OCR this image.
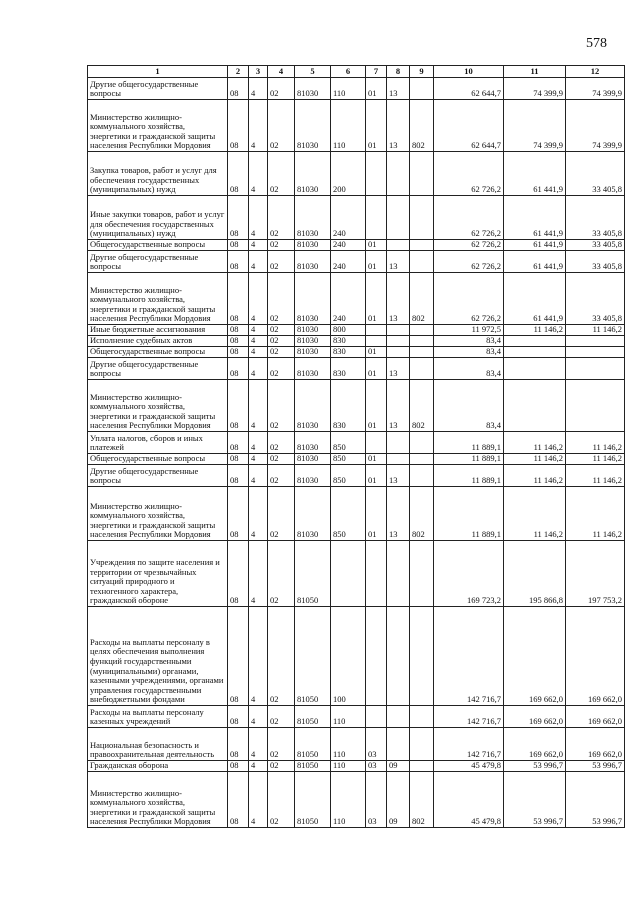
578
1	2	3	4	5	6	7	8	9	10	11	12
Другие общегосударственные вопросы	08	4	02	81030	110	01	13		62 644,7	74 399,9	74 399,9
Министерство жилищно-коммунального хозяйства, энергетики и гражданской защиты населения Республики Мордовия	08	4	02	81030	110	01	13	802	62 644,7	74 399,9	74 399,9
Закупка товаров, работ и услуг для обеспечения государственных (муниципальных) нужд	08	4	02	81030	200				62 726,2	61 441,9	33 405,8
Иные закупки товаров, работ и услуг для обеспечения государственных (муниципальных) нужд	08	4	02	81030	240				62 726,2	61 441,9	33 405,8
Общегосударственные вопросы	08	4	02	81030	240	01			62 726,2	61 441,9	33 405,8
Другие общегосударственные вопросы	08	4	02	81030	240	01	13		62 726,2	61 441,9	33 405,8
Министерство жилищно-коммунального хозяйства, энергетики и гражданской защиты населения Республики Мордовия	08	4	02	81030	240	01	13	802	62 726,2	61 441,9	33 405,8
Иные бюджетные ассигнования	08	4	02	81030	800				11 972,5	11 146,2	11 146,2
Исполнение судебных актов	08	4	02	81030	830				83,4		
Общегосударственные вопросы	08	4	02	81030	830	01			83,4		
Другие общегосударственные вопросы	08	4	02	81030	830	01	13		83,4		
Министерство жилищно-коммунального хозяйства, энергетики и гражданской защиты населения Республики Мордовия	08	4	02	81030	830	01	13	802	83,4		
Уплата налогов, сборов и иных платежей	08	4	02	81030	850				11 889,1	11 146,2	11 146,2
Общегосударственные вопросы	08	4	02	81030	850	01			11 889,1	11 146,2	11 146,2
Другие общегосударственные вопросы	08	4	02	81030	850	01	13		11 889,1	11 146,2	11 146,2
Министерство жилищно-коммунального хозяйства, энергетики и гражданской защиты населения Республики Мордовия	08	4	02	81030	850	01	13	802	11 889,1	11 146,2	11 146,2
Учреждения по защите населения и территории от чрезвычайных ситуаций природного и техногенного характера, гражданской обороне	08	4	02	81050					169 723,2	195 866,8	197 753,2
Расходы на выплаты персоналу в целях обеспечения выполнения функций государственными (муниципальными) органами, казенными учреждениями, органами управления государственными внебюджетными фондами	08	4	02	81050	100				142 716,7	169 662,0	169 662,0
Расходы на выплаты персоналу казенных учреждений	08	4	02	81050	110				142 716,7	169 662,0	169 662,0
Национальная безопасность и правоохранительная деятельность	08	4	02	81050	110	03			142 716,7	169 662,0	169 662,0
Гражданская оборона	08	4	02	81050	110	03	09		45 479,8	53 996,7	53 996,7
Министерство жилищно-коммунального хозяйства, энергетики и гражданской защиты населения Республики Мордовия	08	4	02	81050	110	03	09	802	45 479,8	53 996,7	53 996,7
